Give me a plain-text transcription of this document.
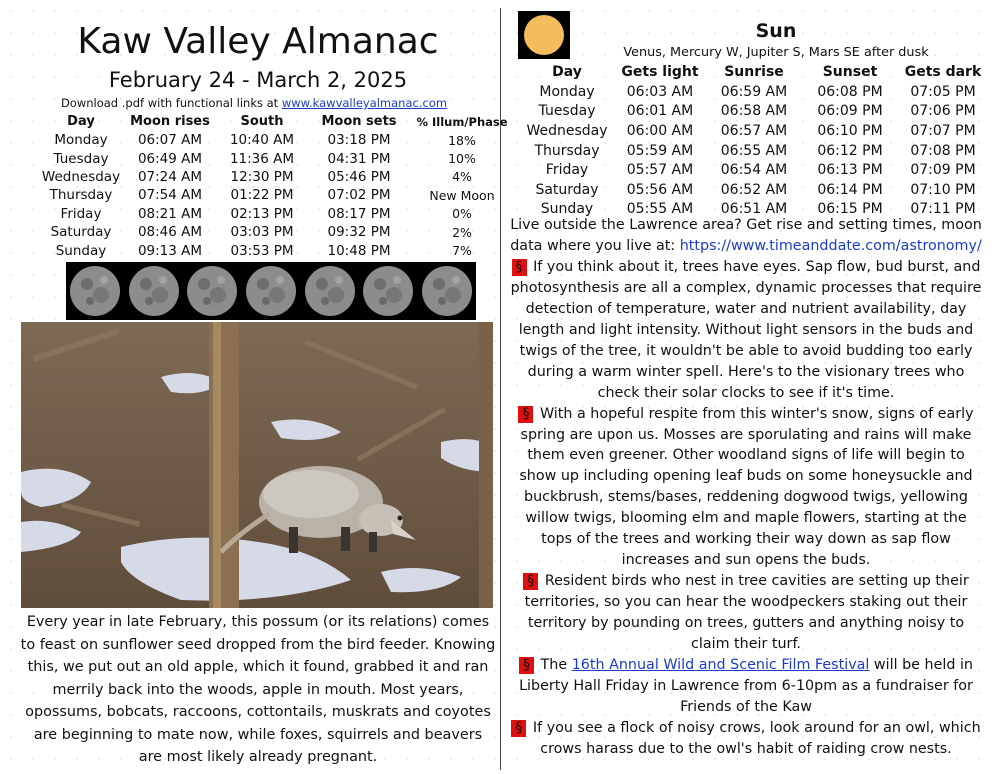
Kaw Valley Almanac
February 24 - March 2, 2025
Download .pdf with functional links at www.kawvalleyalmanac.com
Day	Moon rises	South	Moon sets	% Illum/Phase
Monday	06:07 AM	10:40 AM	03:18 PM	18%
Tuesday	06:49 AM	11:36 AM	04:31 PM	10%
Wednesday	07:24 AM	12:30 PM	05:46 PM	4%
Thursday	07:54 AM	01:22 PM	07:02 PM	New Moon
Friday	08:21 AM	02:13 PM	08:17 PM	0%
Saturday	08:46 AM	03:03 PM	09:32 PM	2%
Sunday	09:13 AM	03:53 PM	10:48 PM	7%
Every year in late February, this possum (or its relations) comes to feast on sunflower seed dropped from the bird feeder. Knowing this, we put out an old apple, which it found, grabbed it and ran merrily back into the woods, apple in mouth. Most years, opossums, bobcats, raccoons, cottontails, muskrats and coyotes are beginning to mate now, while foxes, squirrels and beavers are most likely already pregnant.
Sun
Venus, Mercury W, Jupiter S, Mars SE after dusk
Day	Gets light	Sunrise	Sunset	Gets dark
Monday	06:03 AM	06:59 AM	06:08 PM	07:05 PM
Tuesday	06:01 AM	06:58 AM	06:09 PM	07:06 PM
Wednesday	06:00 AM	06:57 AM	06:10 PM	07:07 PM
Thursday	05:59 AM	06:55 AM	06:12 PM	07:08 PM
Friday	05:57 AM	06:54 AM	06:13 PM	07:09 PM
Saturday	05:56 AM	06:52 AM	06:14 PM	07:10 PM
Sunday	05:55 AM	06:51 AM	06:15 PM	07:11 PM

Live outside the Lawrence area? Get rise and setting times, moon data where you live at: https://www.timeanddate.com/astronomy/

§ If you think about it, trees have eyes. Sap flow, bud burst, and photosynthesis are all a complex, dynamic processes that require detection of temperature, water and nutrient availability, day length and light intensity. Without light sensors in the buds and twigs of the tree, it wouldn't be able to avoid budding too early during a warm winter spell. Here's to the visionary trees who check their solar clocks to see if it's time.

§ With a hopeful respite from this winter's snow, signs of early spring are upon us. Mosses are sporulating and rains will make them even greener. Other woodland signs of life will begin to show up including opening leaf buds on some honeysuckle and buckbrush, stems/bases, reddening dogwood twigs, yellowing willow twigs, blooming elm and maple flowers, starting at the tops of the trees and working their way down as sap flow increases and sun opens the buds.

§ Resident birds who nest in tree cavities are setting up their territories, so you can hear the woodpeckers staking out their territory by pounding on trees, gutters and anything noisy to claim their turf.

§ The 16th Annual Wild and Scenic Film Festival will be held in Liberty Hall Friday in Lawrence from 6-10pm as a fundraiser for Friends of the Kaw

§ If you see a flock of noisy crows, look around for an owl, which crows harass due to the owl's habit of raiding crow nests.
